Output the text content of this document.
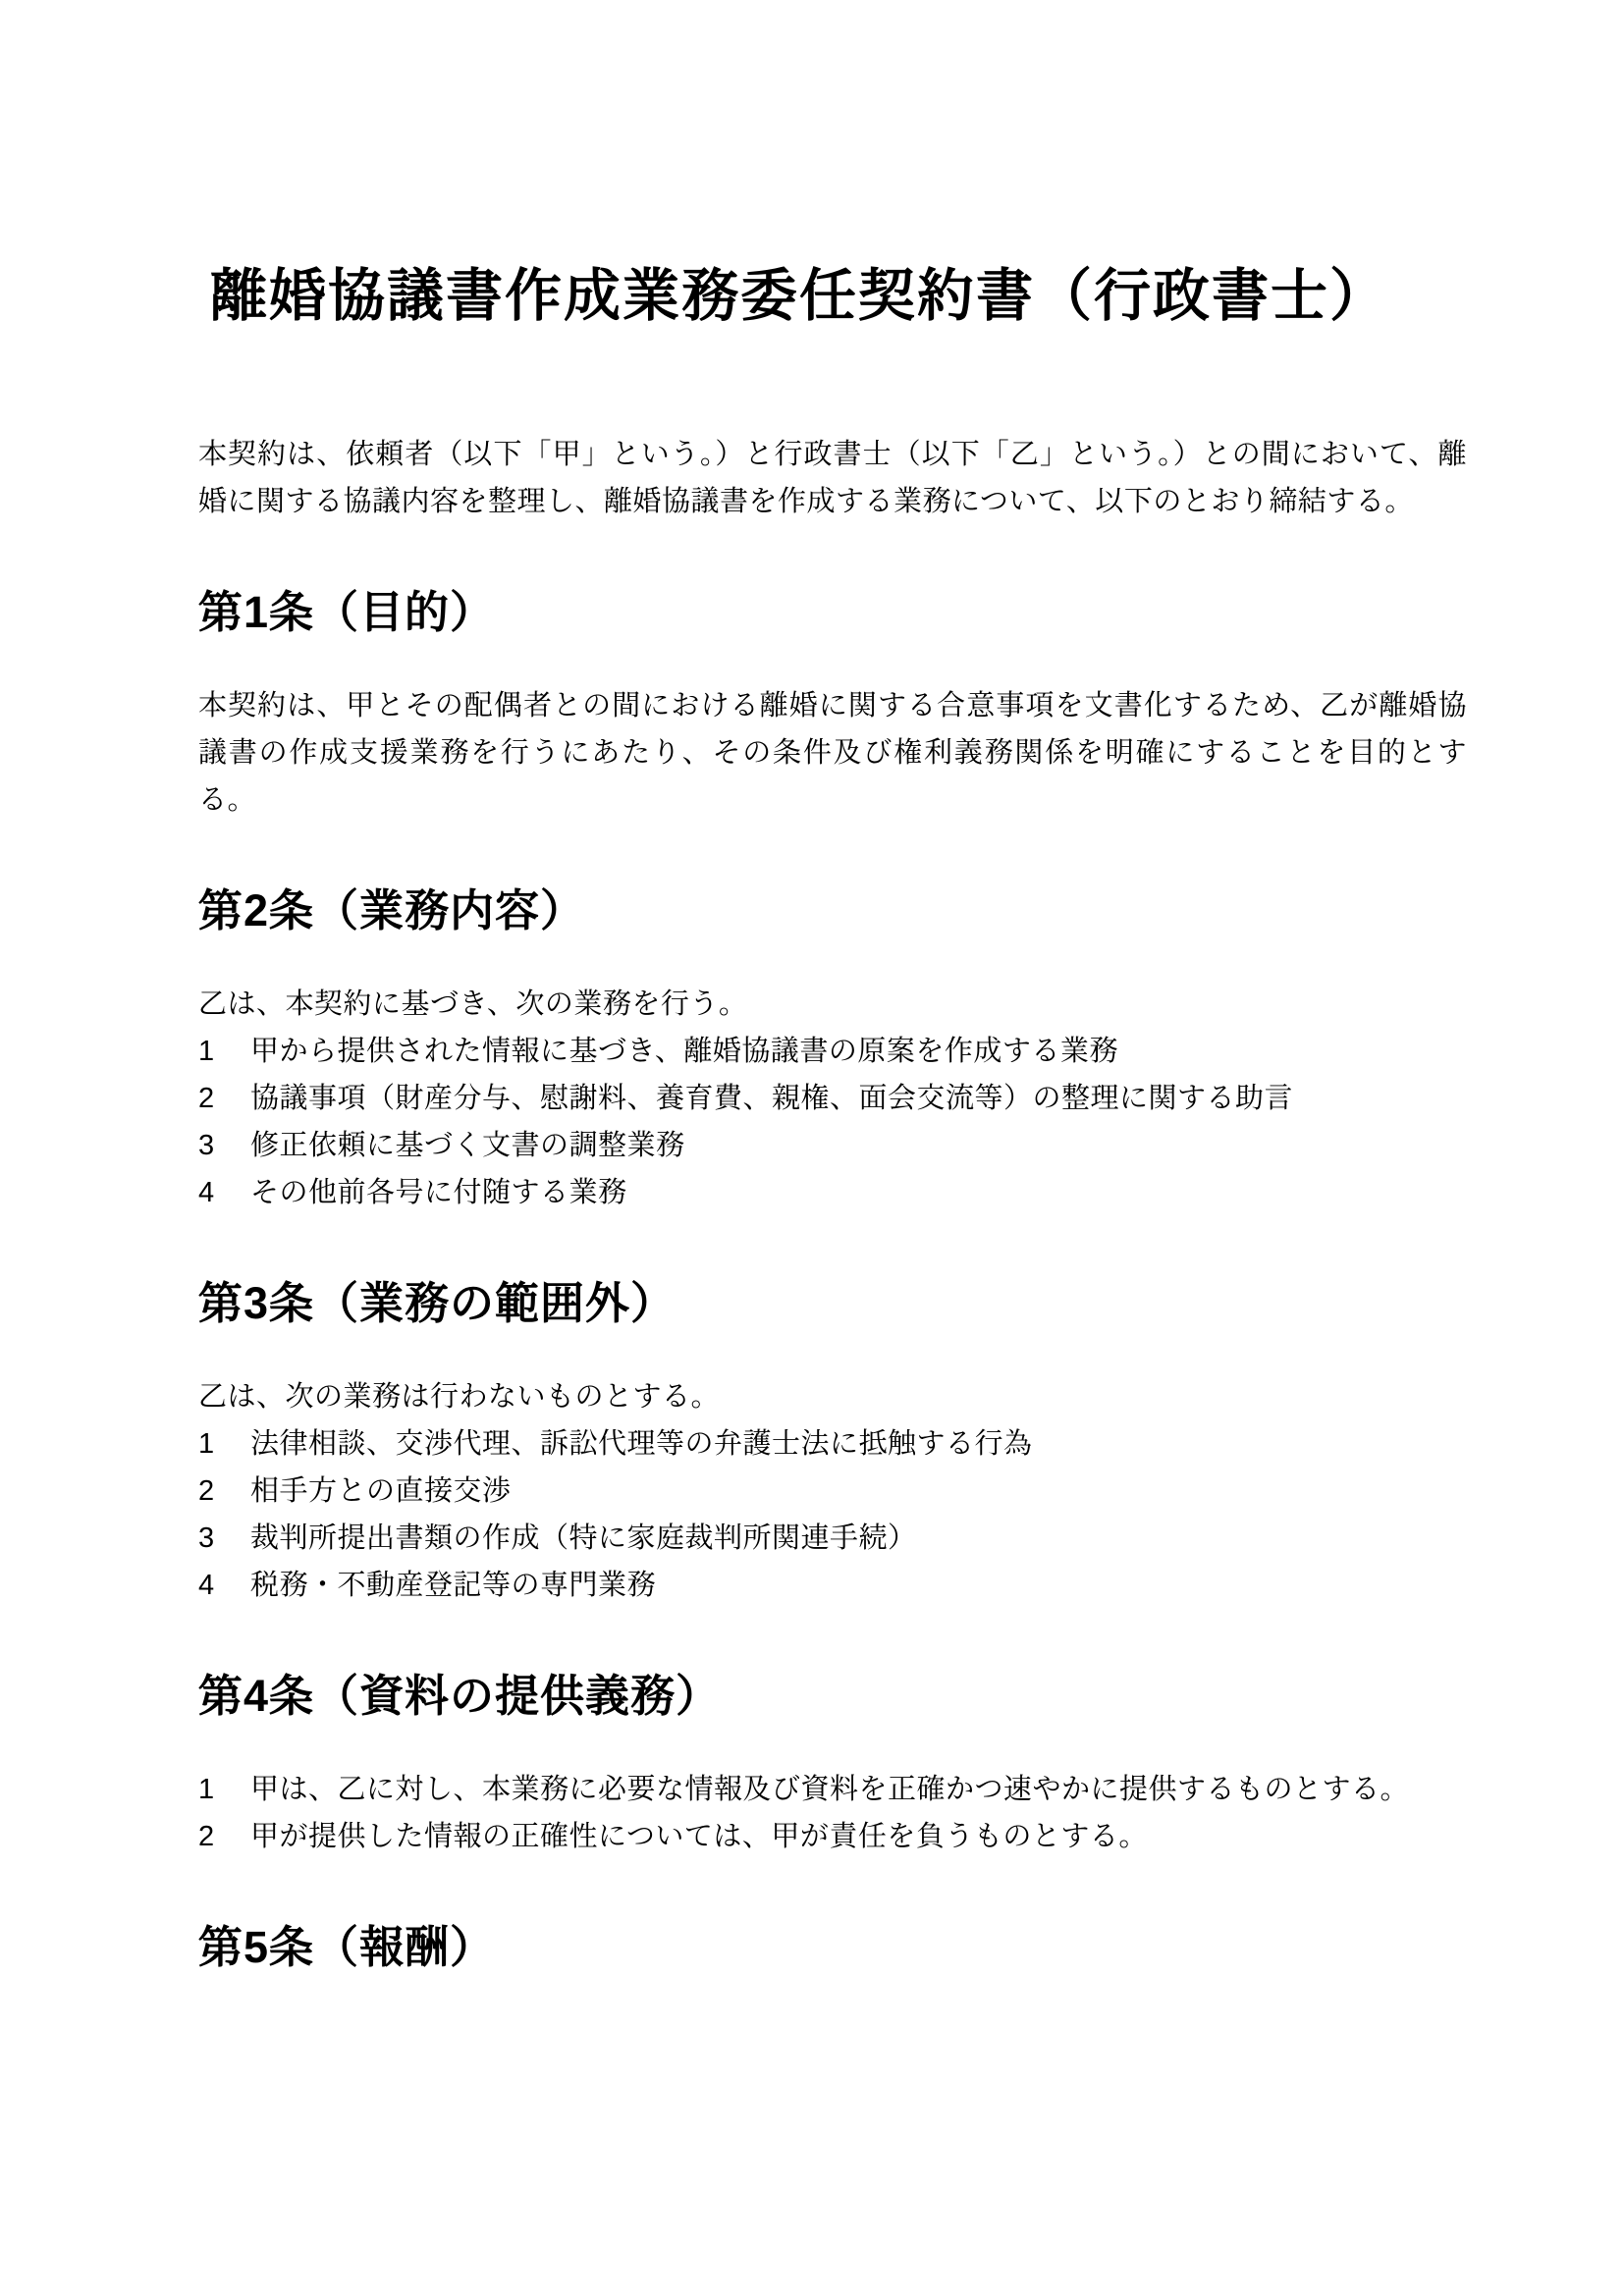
離婚協議書作成業務委任契約書（行政書士）

本契約は、依頼者（以下「甲」という。）と行政書士（以下「乙」という。）との間において、離婚に関する協議内容を整理し、離婚協議書を作成する業務について、以下のとおり締結する。

第1条（目的）
本契約は、甲とその配偶者との間における離婚に関する合意事項を文書化するため、乙が離婚協議書の作成支援業務を行うにあたり、その条件及び権利義務関係を明確にすることを目的とする。
第2条（業務内容）

乙は、本契約に基づき、次の業務を行う。

1	甲から提供された情報に基づき、離婚協議書の原案を作成する業務
2	協議事項（財産分与、慰謝料、養育費、親権、面会交流等）の整理に関する助言
3	修正依頼に基づく文書の調整業務
4	その他前各号に付随する業務
第3条（業務の範囲外）

乙は、次の業務は行わないものとする。

1	法律相談、交渉代理、訴訟代理等の弁護士法に抵触する行為
2	相手方との直接交渉
3	裁判所提出書類の作成（特に家庭裁判所関連手続）
4	税務・不動産登記等の専門業務
第4条（資料の提供義務）
1	甲は、乙に対し、本業務に必要な情報及び資料を正確かつ速やかに提供するものとする。
2	甲が提供した情報の正確性については、甲が責任を負うものとする。
第5条（報酬）
